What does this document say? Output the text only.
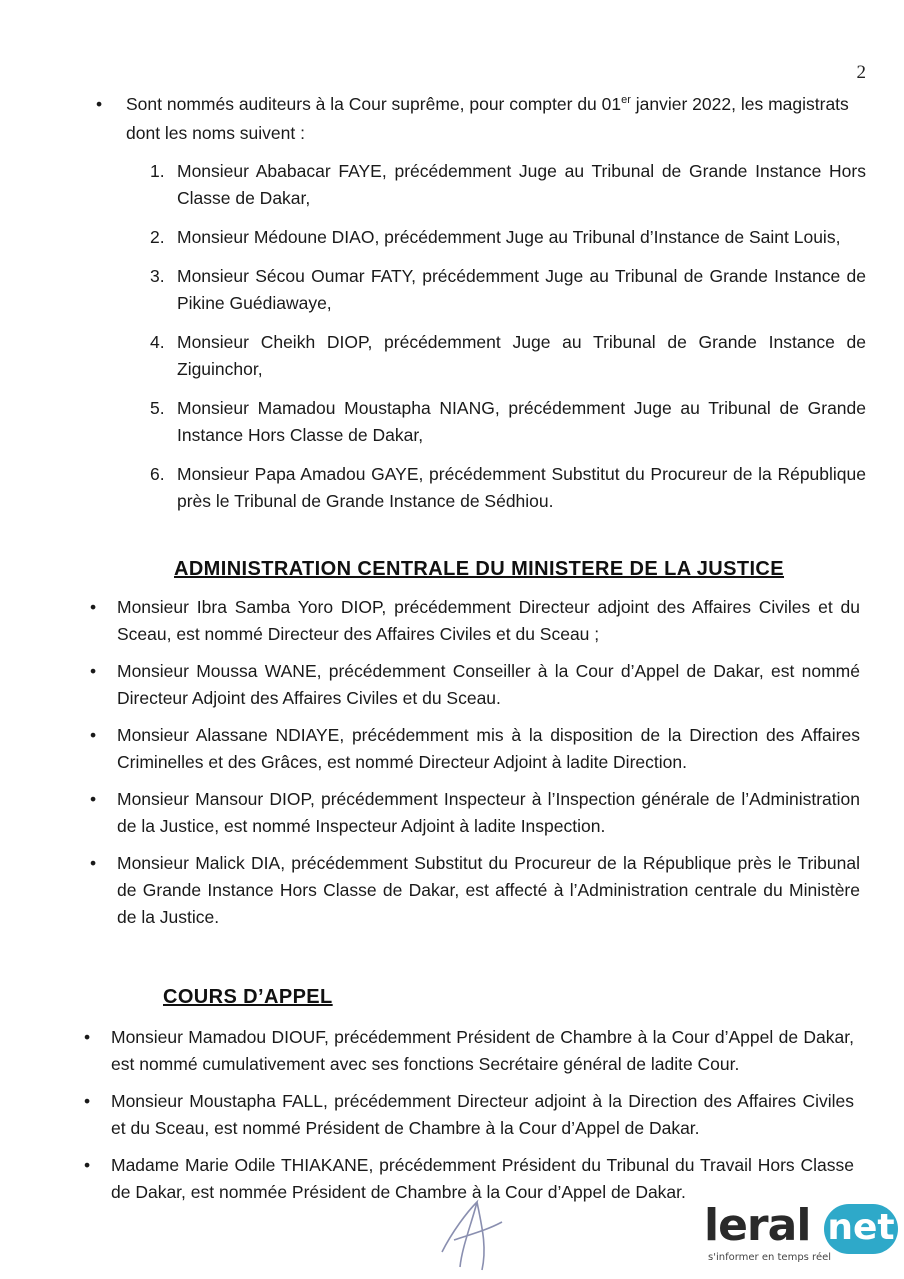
2
• Sont nommés auditeurs à la Cour suprême, pour compter du 01er janvier 2022, les magistrats dont les noms suivent :
1. Monsieur Ababacar FAYE, précédemment Juge au Tribunal de Grande Instance Hors Classe de Dakar,
2. Monsieur Médoune DIAO, précédemment Juge au Tribunal d’Instance de Saint Louis,
3. Monsieur Sécou Oumar FATY, précédemment Juge au Tribunal de Grande Instance de Pikine Guédiawaye,
4. Monsieur Cheikh DIOP, précédemment Juge au Tribunal de Grande Instance de Ziguinchor,
5. Monsieur Mamadou Moustapha NIANG, précédemment Juge au Tribunal de Grande Instance Hors Classe de Dakar,
6. Monsieur Papa Amadou GAYE, précédemment Substitut du Procureur de la République près le Tribunal de Grande Instance de Sédhiou.
ADMINISTRATION CENTRALE DU MINISTERE DE LA JUSTICE
• Monsieur Ibra Samba Yoro DIOP, précédemment Directeur adjoint des Affaires Civiles et du Sceau, est nommé Directeur des Affaires Civiles et du Sceau ;
• Monsieur Moussa WANE, précédemment Conseiller à la Cour d’Appel de Dakar, est nommé Directeur Adjoint des Affaires Civiles et du Sceau.
• Monsieur Alassane NDIAYE, précédemment mis à la disposition de la Direction des Affaires Criminelles et des Grâces, est nommé Directeur Adjoint à ladite Direction.
• Monsieur Mansour DIOP, précédemment Inspecteur à l’Inspection générale de l’Administration de la Justice, est nommé Inspecteur Adjoint à ladite Inspection.
• Monsieur Malick DIA, précédemment Substitut du Procureur de la République près le Tribunal de Grande Instance Hors Classe de Dakar, est affecté à l’Administration centrale du Ministère de la Justice.
COURS D’APPEL
• Monsieur Mamadou DIOUF, précédemment Président de Chambre à la Cour d’Appel de Dakar, est nommé cumulativement avec ses fonctions Secrétaire général de ladite Cour.
• Monsieur Moustapha FALL, précédemment Directeur adjoint à la Direction des Affaires Civiles et du Sceau, est nommé Président de Chambre à la Cour d’Appel de Dakar.
• Madame Marie Odile THIAKANE, précédemment Président du Tribunal du Travail Hors Classe de Dakar, est nommée Président de Chambre à la Cour d’Appel de Dakar.
leral net
s'informer en temps réel
